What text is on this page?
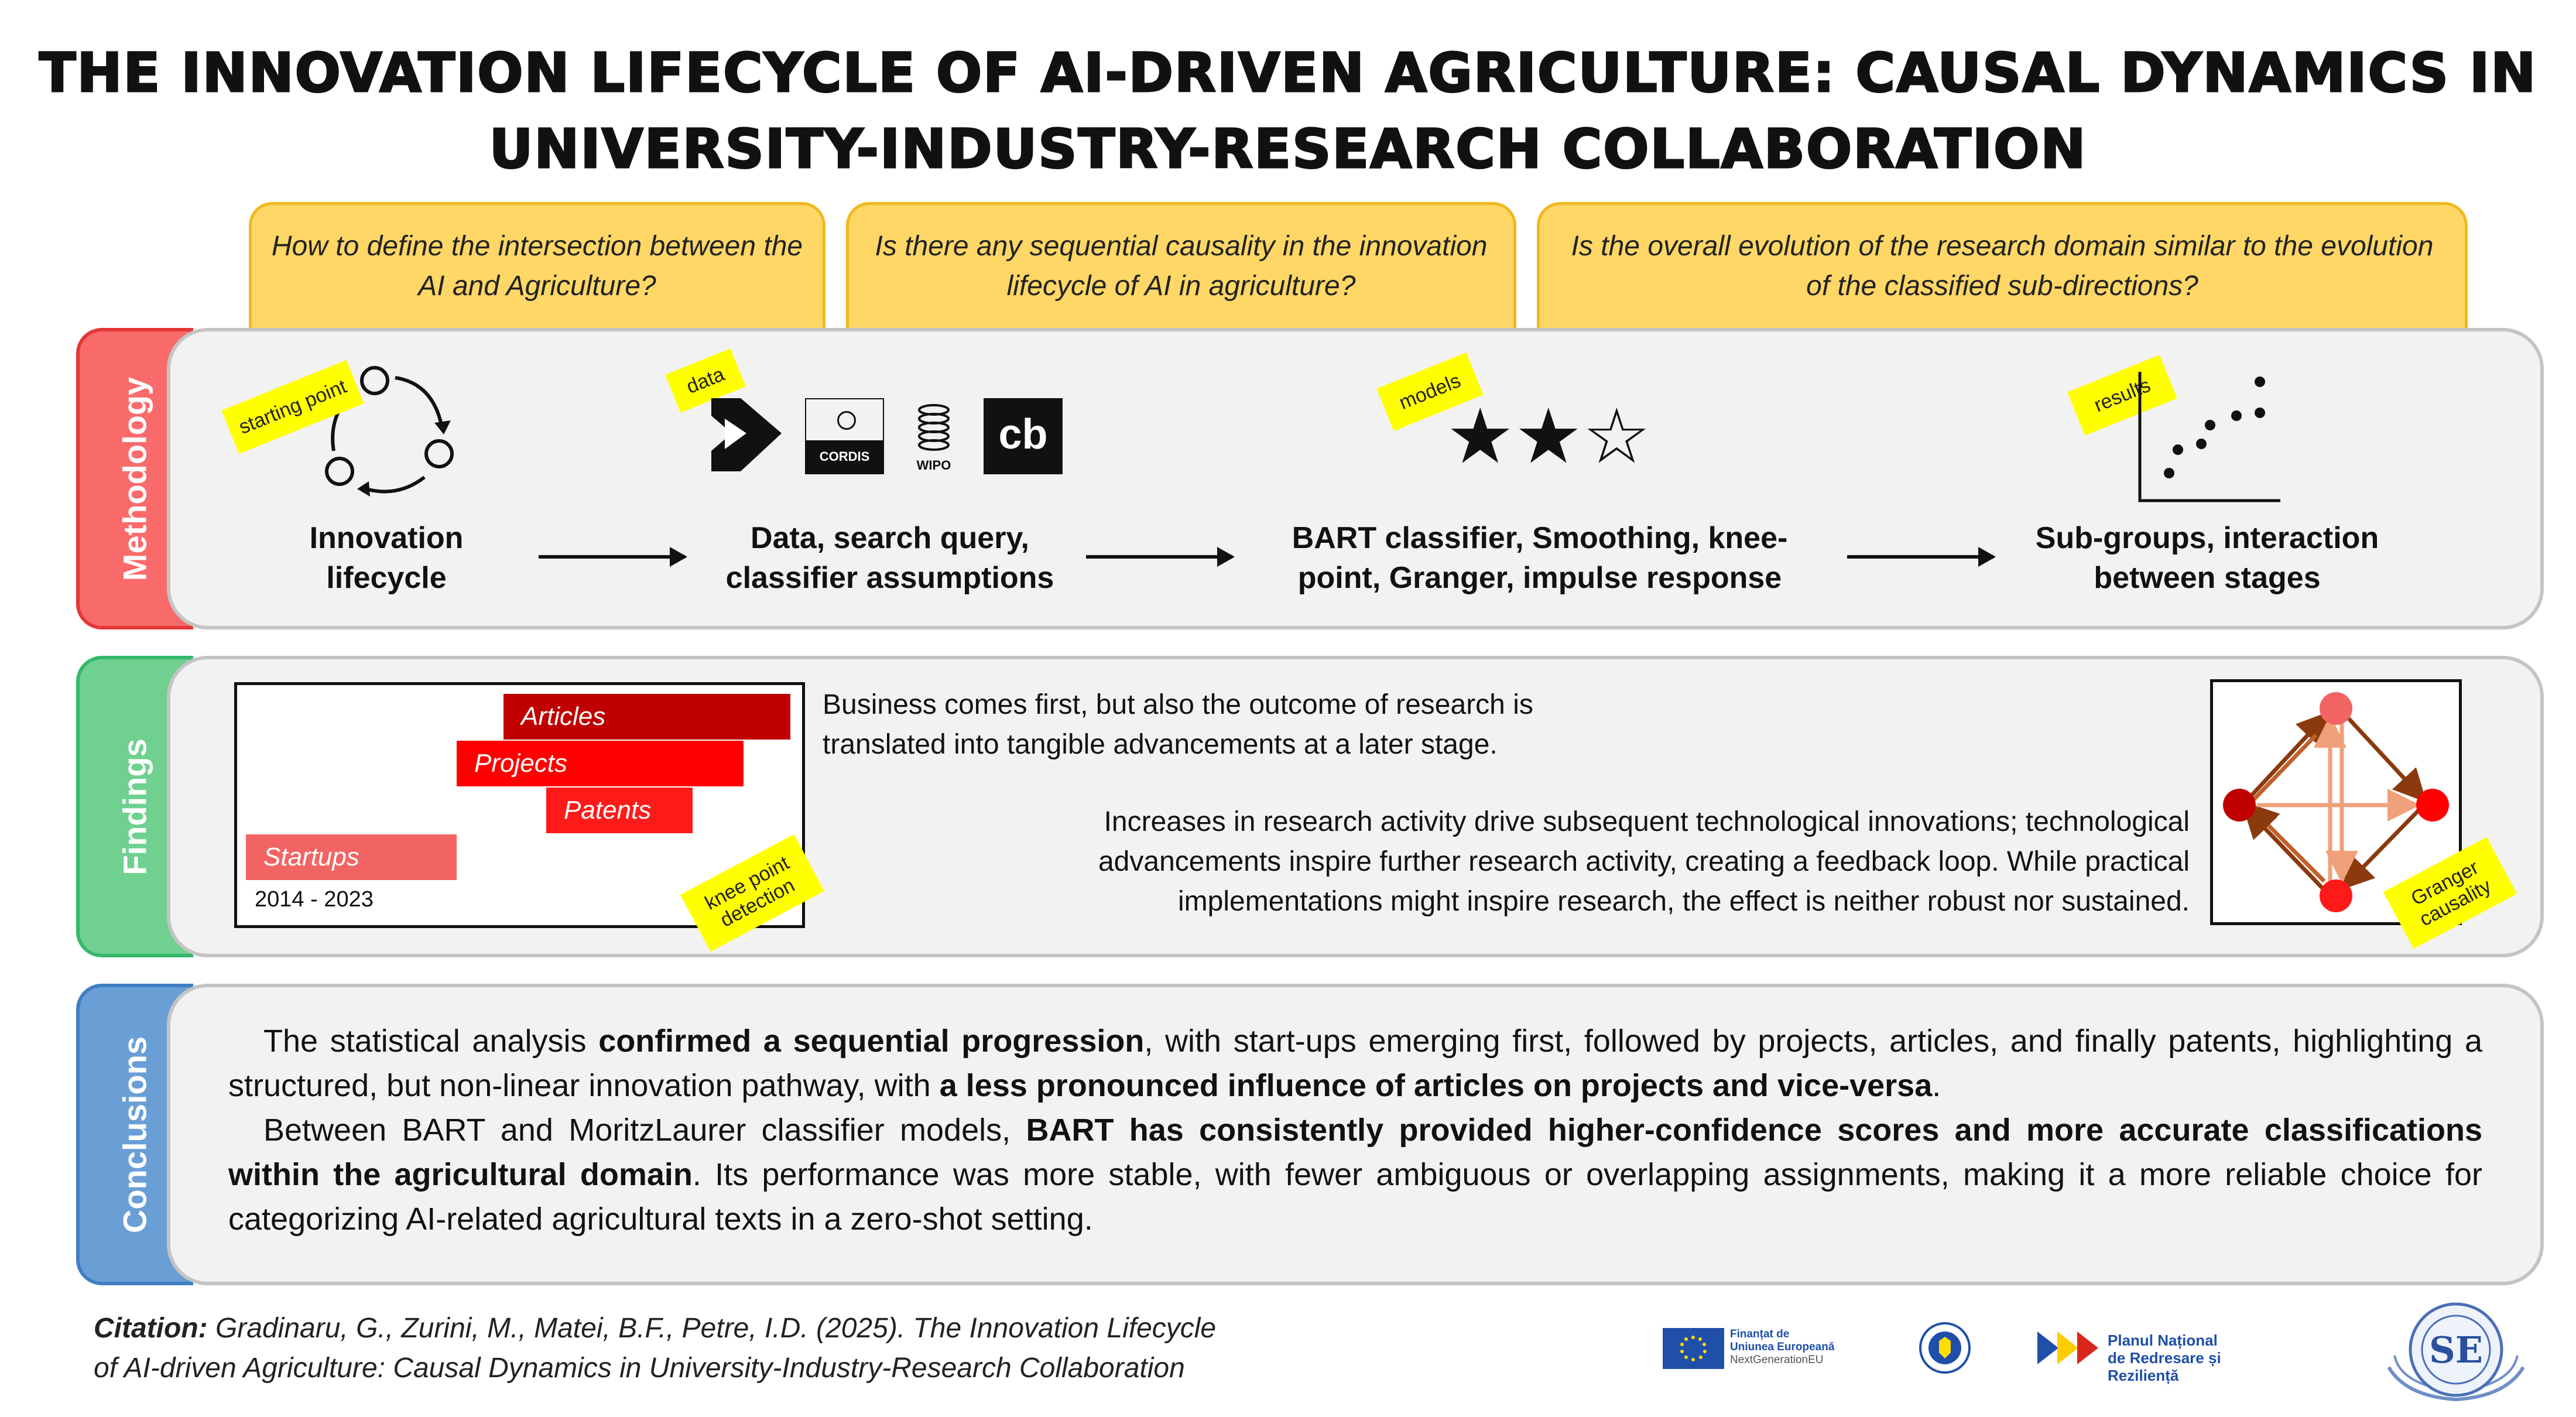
THE INNOVATION LIFECYCLE OF AI-DRIVEN AGRICULTURE: CAUSAL DYNAMICS IN
UNIVERSITY-INDUSTRY-RESEARCH COLLABORATION
How to define the intersection between the AI and Agriculture?
Is there any sequential causality in the innovation lifecycle of AI in agriculture?
Is the overall evolution of the research domain similar to the evolution of the classified sub-directions?
Methodology
Findings
Conclusions
starting point
Innovation lifecycle
data
CORDIS
WIPO
cb
Data, search query, classifier assumptions
models
★★☆
BART classifier, Smoothing, knee-point, Granger, impulse response
results
Sub-groups, interaction between stages
Articles
Projects
Patents
Startups
2014 - 2023	knee point detection
Business comes first, but also the outcome of research is translated into tangible advancements at a later stage.
Increases in research activity drive subsequent technological innovations; technological advancements inspire further research activity, creating a feedback loop. While practical implementations might inspire research, the effect is neither robust nor sustained.	Granger causality

The statistical analysis confirmed a sequential progression, with start-ups emerging first, followed by projects, articles, and finally patents, highlighting a structured, but non-linear innovation pathway, with a less pronounced influence of articles on projects and vice-versa.

Between BART and MoritzLaurer classifier models, BART has consistently provided higher-confidence scores and more accurate classifications within the agricultural domain. Its performance was more stable, with fewer ambiguous or overlapping assignments, making it a more reliable choice for categorizing AI-related agricultural texts in a zero-shot setting.

Citation: Gradinaru, G., Zurini, M., Matei, B.F., Petre, I.D. (2025). The Innovation Lifecycle
of AI-driven Agriculture: Causal Dynamics in University-Industry-Research Collaboration
Finanțat de
Uniunea Europeană
NextGenerationEU
Planul Național
de Redresare și Reziliență
SE
